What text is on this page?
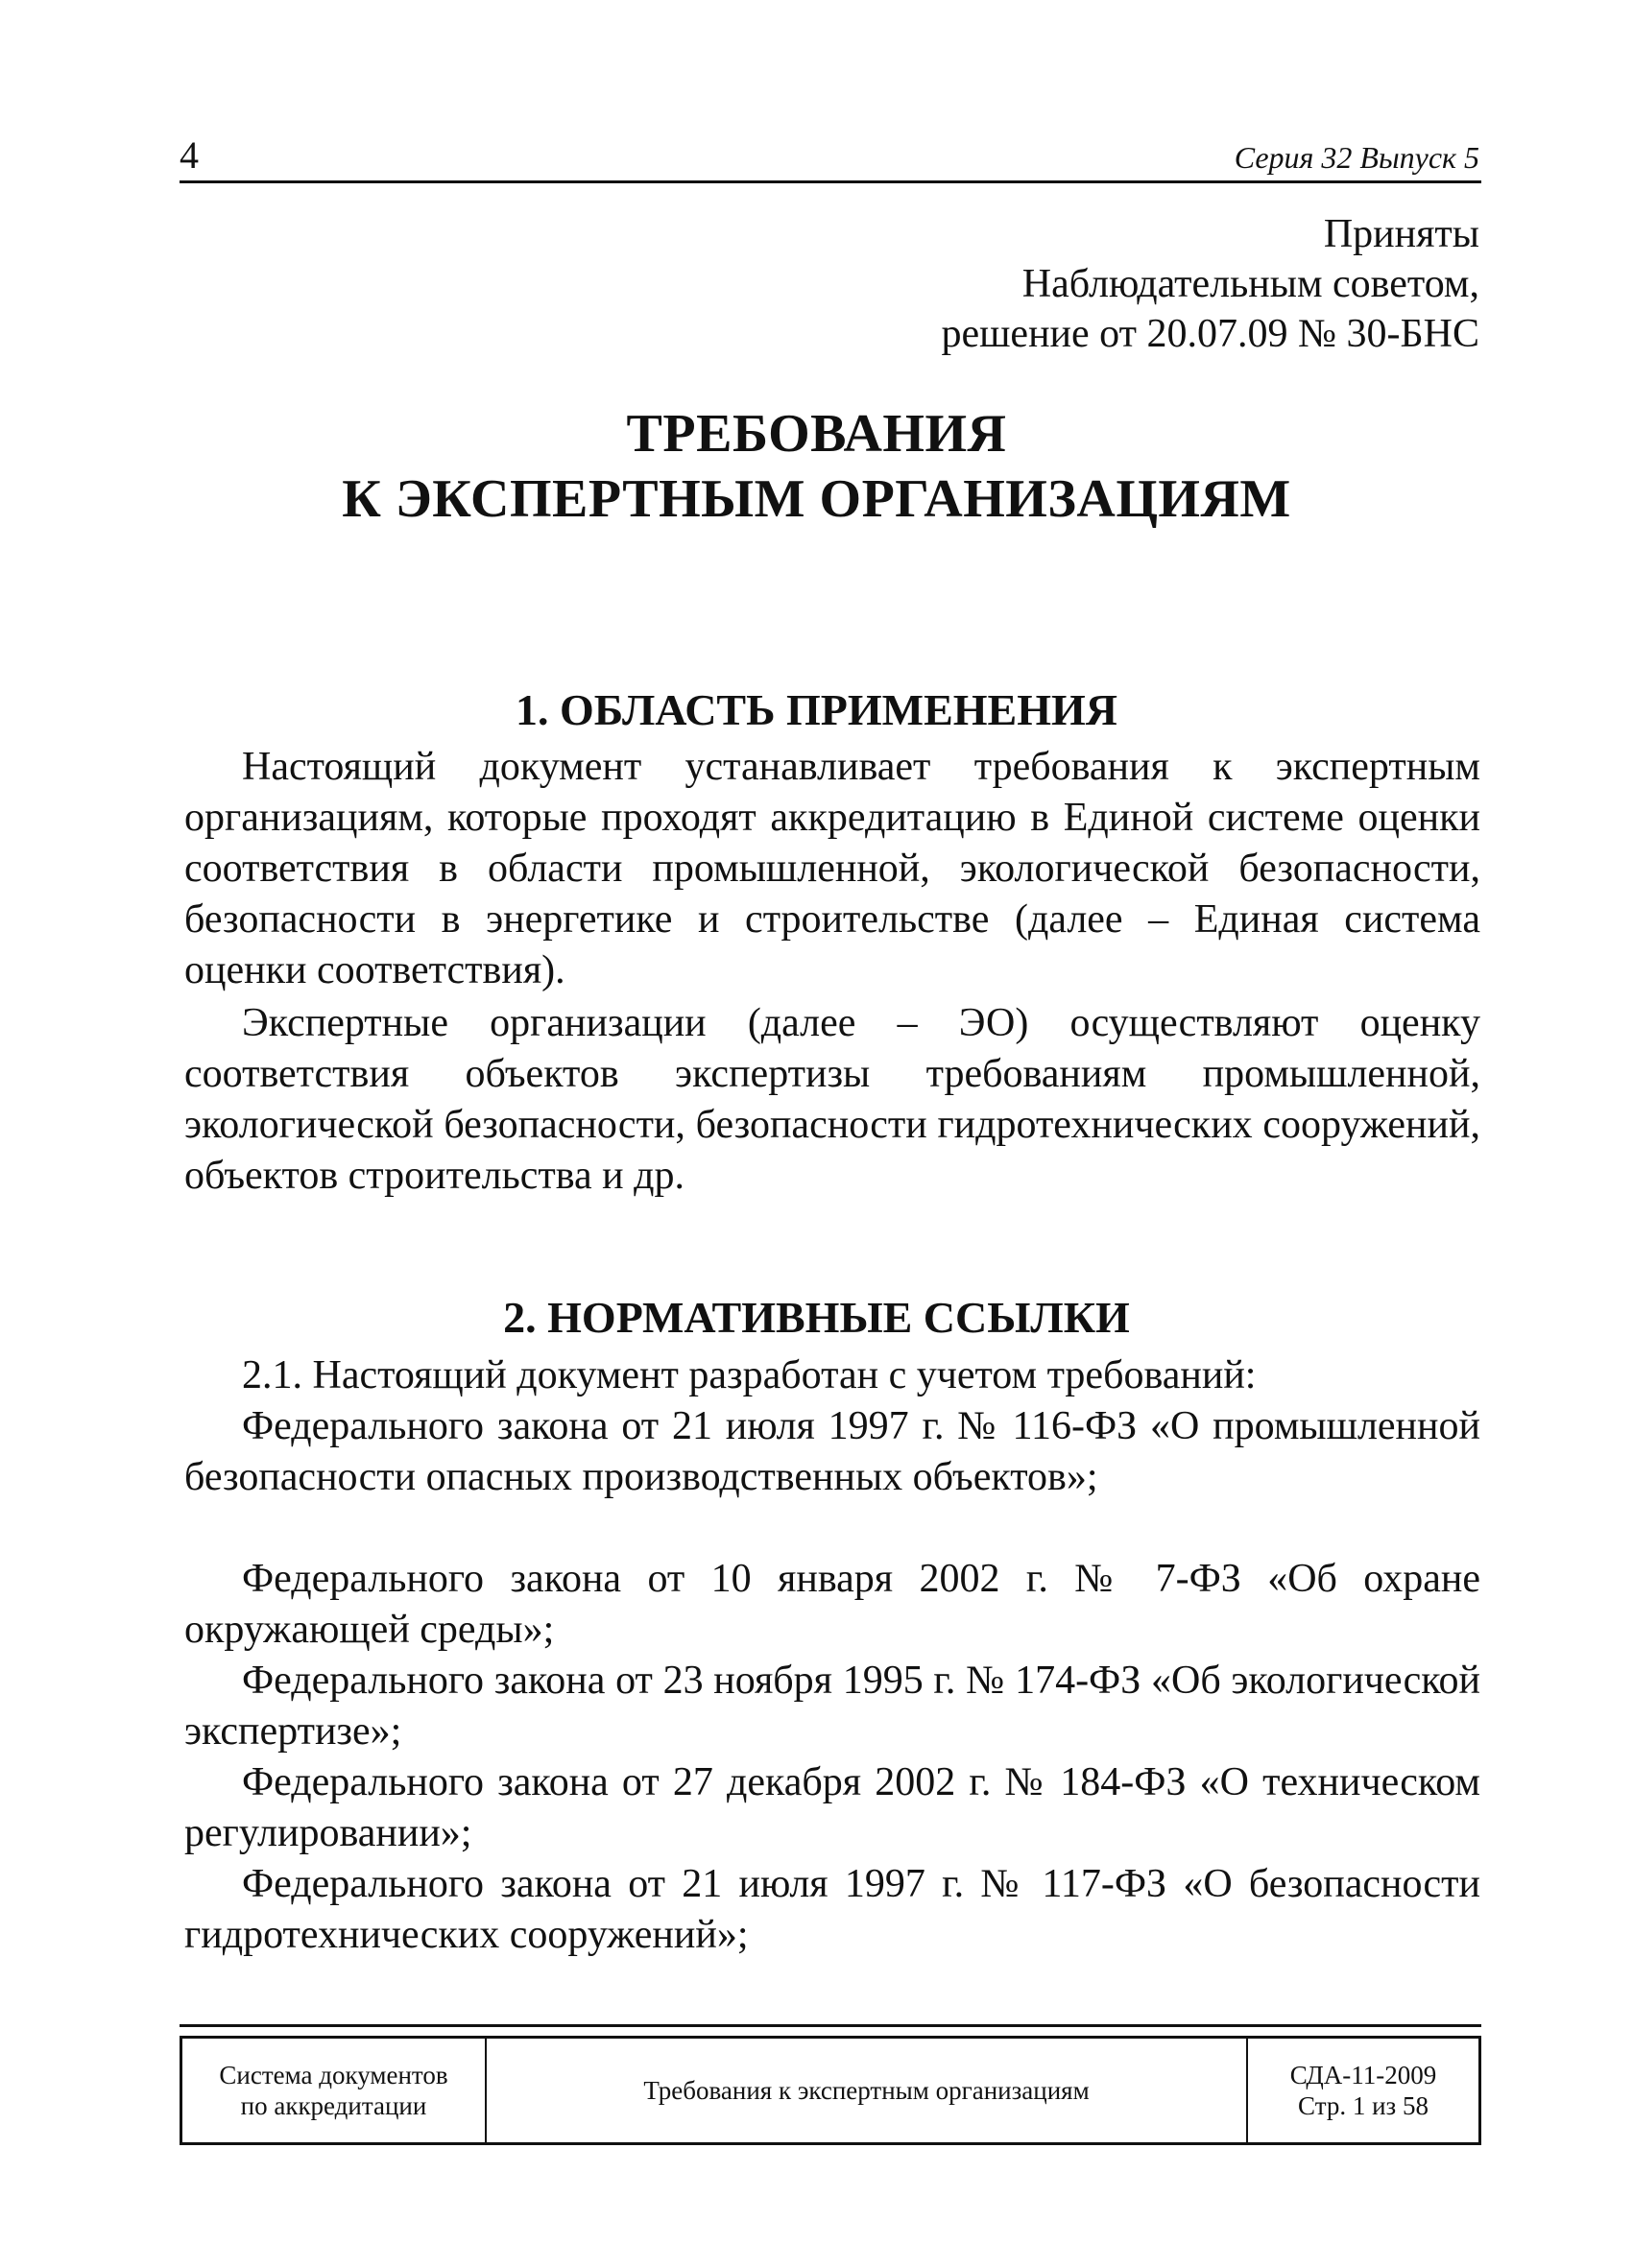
4	Серия 32 Выпуск 5
Приняты
Наблюдательным советом,
решение от 20.07.09 № 30-БНС
ТРЕБОВАНИЯ
К ЭКСПЕРТНЫМ ОРГАНИЗАЦИЯМ
1. ОБЛАСТЬ ПРИМЕНЕНИЯ

Настоящий документ устанавливает требования к экспертным организациям, которые проходят аккредитацию в Единой системе оценки соответствия в области промышленной, экологической безопасности, безопасности в энергетике и строительстве (далее – Единая система оценки соответствия).

Экспертные организации (далее – ЭО) осуществляют оценку соответствия объектов экспертизы требованиям промышленной, экологической безопасности, безопасности гидротехнических сооружений, объектов строительства и др.

2. НОРМАТИВНЫЕ ССЫЛКИ

2.1. Настоящий документ разработан с учетом требований:

Федерального закона от 21 июля 1997 г. № 116-ФЗ «О промышленной безопасности опасных производственных объектов»;

Федерального закона от 10 января 2002 г. № 7-ФЗ «Об охране окружающей среды»;

Федерального закона от 23 ноября 1995 г. № 174-ФЗ «Об экологической экспертизе»;

Федерального закона от 27 декабря 2002 г. № 184-ФЗ «О техническом регулировании»;

Федерального закона от 21 июля 1997 г. № 117-ФЗ «О безопасности гидротехнических сооружений»;

Система документов
по аккредитации
Требования к экспертным организациям
СДА-11-2009
Стр. 1 из 58
